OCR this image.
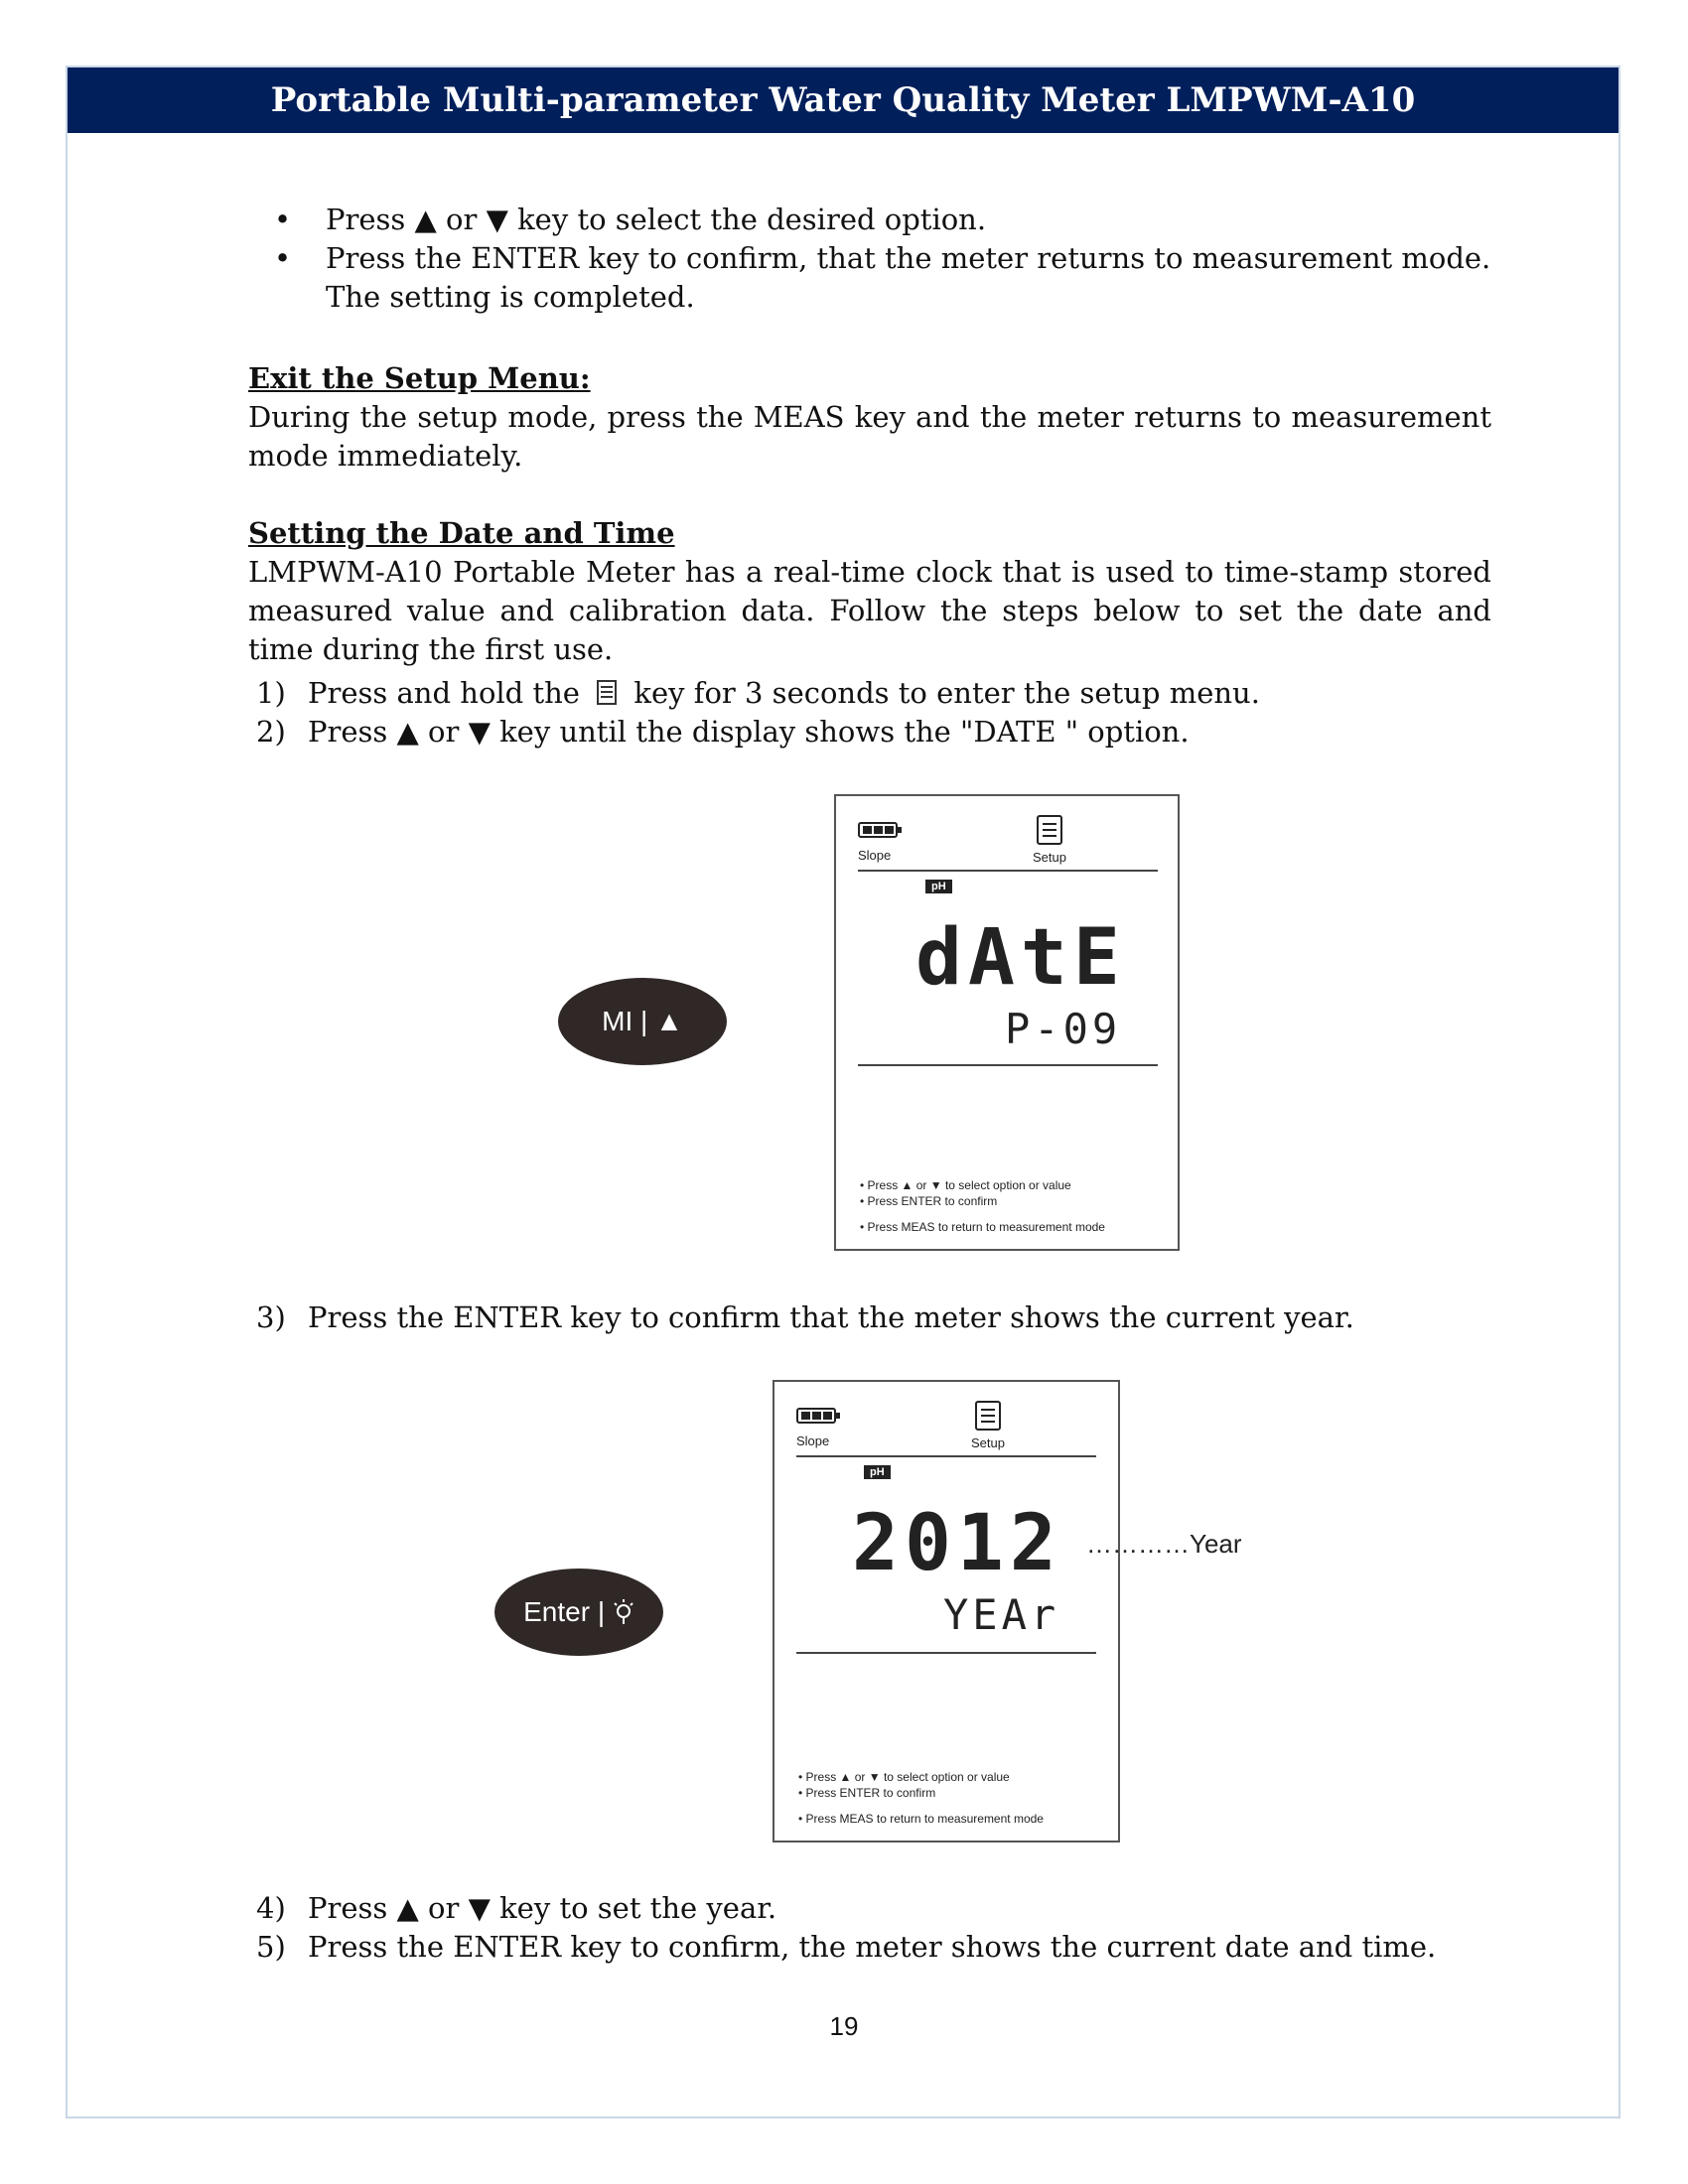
Portable Multi-parameter Water Quality Meter LMPWM-A10
• Press ▲ or ▼ key to select the desired option.
• Press the ENTER key to confirm, that the meter returns to measurement mode. The setting is completed.

Exit the Setup Menu:

During the setup mode, press the MEAS key and the meter returns to measurement mode immediately.

Setting the Date and Time

LMPWM-A10 Portable Meter has a real-time clock that is used to time-stamp stored measured value and calibration data. Follow the steps below to set the date and time during the first use.

1) Press and hold the key for 3 seconds to enter the setup menu.
2) Press ▲ or ▼ key until the display shows the "DATE " option.
MI | ▲
Slope	Setup
pH
dAtE
P-09
• Press ▲ or ▼ to select option or value
• Press ENTER to confirm
• Press MEAS to return to measurement mode
3) Press the ENTER key to confirm that the meter shows the current year.
Enter |
Slope	Setup
pH
2012
YEAr
• Press ▲ or ▼ to select option or value
• Press ENTER to confirm
• Press MEAS to return to measurement mode
…………Year
4) Press ▲ or ▼ key to set the year.
5) Press the ENTER key to confirm, the meter shows the current date and time.
19
